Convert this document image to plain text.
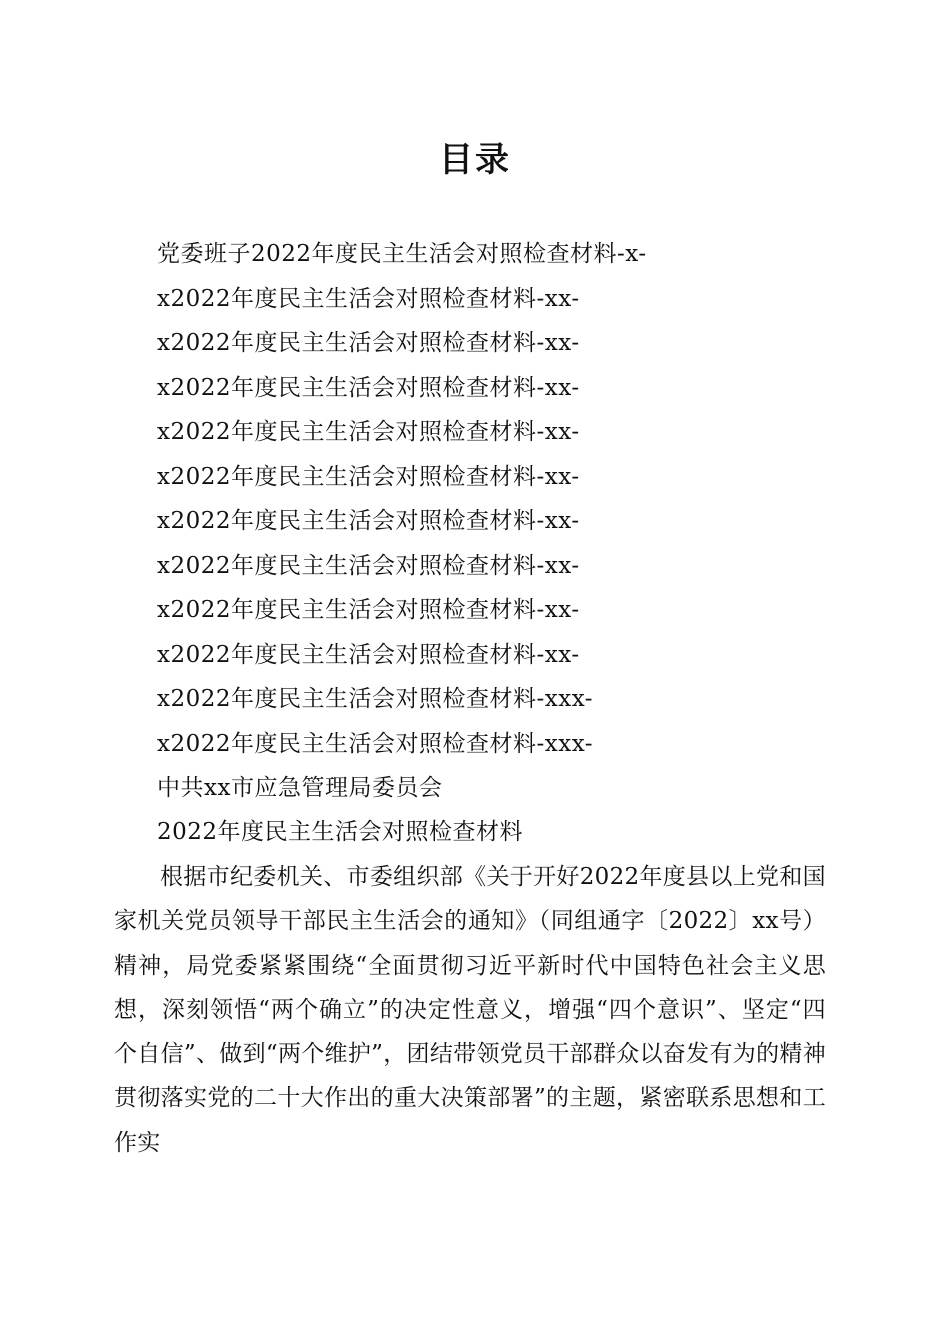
目录
党委班子2022年度民主生活会对照检查材料-x-
x2022年度民主生活会对照检查材料-xx-
x2022年度民主生活会对照检查材料-xx-
x2022年度民主生活会对照检查材料-xx-
x2022年度民主生活会对照检查材料-xx-
x2022年度民主生活会对照检查材料-xx-
x2022年度民主生活会对照检查材料-xx-
x2022年度民主生活会对照检查材料-xx-
x2022年度民主生活会对照检查材料-xx-
x2022年度民主生活会对照检查材料-xx-
x2022年度民主生活会对照检查材料-xxx-
x2022年度民主生活会对照检查材料-xxx-
中共xx市应急管理局委员会
2022年度民主生活会对照检查材料

根据市纪委机关、市委组织部《关于开好2022年度县以上党和国家机关党员领导干部民主生活会的通知》（同组通字〔2022〕xx号）精神，局党委紧紧围绕“全面贯彻习近平新时代中国特色社会主义思想，深刻领悟“两个确立”的决定性意义，增强“四个意识”、坚定“四个自信”、做到“两个维护”，团结带领党员干部群众以奋发有为的精神贯彻落实党的二十大作出的重大决策部署”的主题，紧密联系思想和工作实
